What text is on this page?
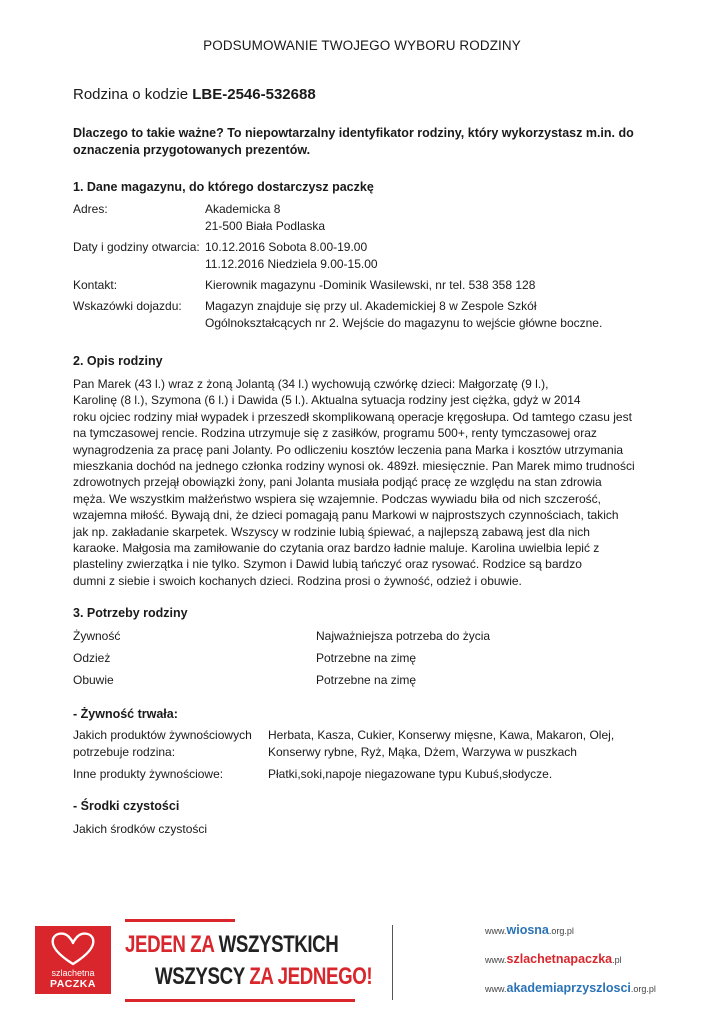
PODSUMOWANIE TWOJEGO WYBORU RODZINY
Rodzina o kodzie LBE-2546-532688
Dlaczego to takie ważne? To niepowtarzalny identyfikator rodziny, który wykorzystasz m.in. do oznaczenia przygotowanych prezentów.
1. Dane magazynu, do którego dostarczysz paczkę
Adres:	Akademicka 8
21-500 Biała Podlaska
Daty i godziny otwarcia: 10.12.2016 Sobota 8.00-19.00
11.12.2016 Niedziela 9.00-15.00
Kontakt:	Kierownik magazynu -Dominik Wasilewski, nr tel. 538 358 128
Wskazówki dojazdu: Magazyn znajduje się przy ul. Akademickiej 8 w Zespole Szkół
Ogólnokształcących nr 2. Wejście do magazynu to wejście główne boczne.
2. Opis rodziny
Pan Marek (43 l.) wraz z żoną Jolantą (34 l.) wychowują czwórkę dzieci: Małgorzatę (9 l.),
Karolinę (8 l.), Szymona (6 l.) i Dawida (5 l.). Aktualna sytuacja rodziny jest ciężka, gdyż w 2014
roku ojciec rodziny miał wypadek i przeszedł skomplikowaną operacje kręgosłupa. Od tamtego czasu jest
na tymczasowej rencie. Rodzina utrzymuje się z zasiłków, programu 500+, renty tymczasowej oraz
wynagrodzenia za pracę pani Jolanty. Po odliczeniu kosztów leczenia pana Marka i kosztów utrzymania
mieszkania dochód na jednego członka rodziny wynosi ok. 489zł. miesięcznie. Pan Marek mimo trudności
zdrowotnych przejął obowiązki żony, pani Jolanta musiała podjąć pracę ze względu na stan zdrowia
męża. We wszystkim małżeństwo wspiera się wzajemnie. Podczas wywiadu biła od nich szczerość,
wzajemna miłość. Bywają dni, że dzieci pomagają panu Markowi w najprostszych czynnościach, takich
jak np. zakładanie skarpetek. Wszyscy w rodzinie lubią śpiewać, a najlepszą zabawą jest dla nich
karaoke. Małgosia ma zamiłowanie do czytania oraz bardzo ładnie maluje. Karolina uwielbia lepić z
plasteliny zwierzątka i nie tylko. Szymon i Dawid lubią tańczyć oraz rysować. Rodzice są bardzo
dumni z siebie i swoich kochanych dzieci. Rodzina prosi o żywność, odzież i obuwie.
3. Potrzeby rodziny
Żywność	Najważniejsza potrzeba do życia
Odzież	Potrzebne na zimę
Obuwie	Potrzebne na zimę
- Żywność trwała:
Jakich produktów żywnościowych
potrzebuje rodzina:
Herbata, Kasza, Cukier, Konserwy mięsne, Kawa, Makaron, Olej,
Konserwy rybne, Ryż, Mąka, Dżem, Warzywa w puszkach
Inne produkty żywnościowe:	Płatki,soki,napoje niegazowane typu Kubuś,słodycze.
- Środki czystości
Jakich środków czystości
szlachetna
PACZKA
JEDEN ZA WSZYSTKICH
WSZYSCY ZA JEDNEGO!
www.wiosna.org.pl
www.szlachetnapaczka.pl
www.akademiaprzyszlosci.org.pl
